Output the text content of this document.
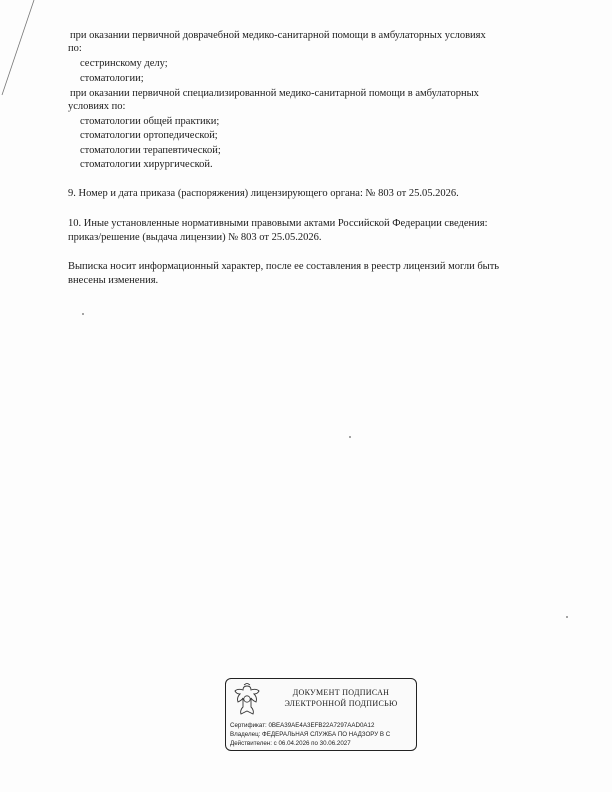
при оказании первичной доврачебной медико-санитарной помощи в амбулаторных условиях
по:
сестринскому делу;
стоматологии;
при оказании первичной специализированной медико-санитарной помощи в амбулаторных
условиях по:
стоматологии общей практики;
стоматологии ортопедической;
стоматологии терапевтической;
стоматологии хирургической.
9. Номер и дата приказа (распоряжения) лицензирующего органа: № 803 от 25.05.2026.
10. Иные установленные нормативными правовыми актами Российской Федерации сведения:
приказ/решение (выдача лицензии) № 803 от 25.05.2026.
Выписка носит информационный характер, после ее составления в реестр лицензий могли быть
внесены изменения.
ДОКУМЕНТ ПОДПИСАН
ЭЛЕКТРОННОЙ ПОДПИСЬЮ
Сертификат: 0BEA39AE4A3EFB22A7297AAD0A12
Владелец: ФЕДЕРАЛЬНАЯ СЛУЖБА ПО НАДЗОРУ В С
Действителен: с 06.04.2026 по 30.06.2027
